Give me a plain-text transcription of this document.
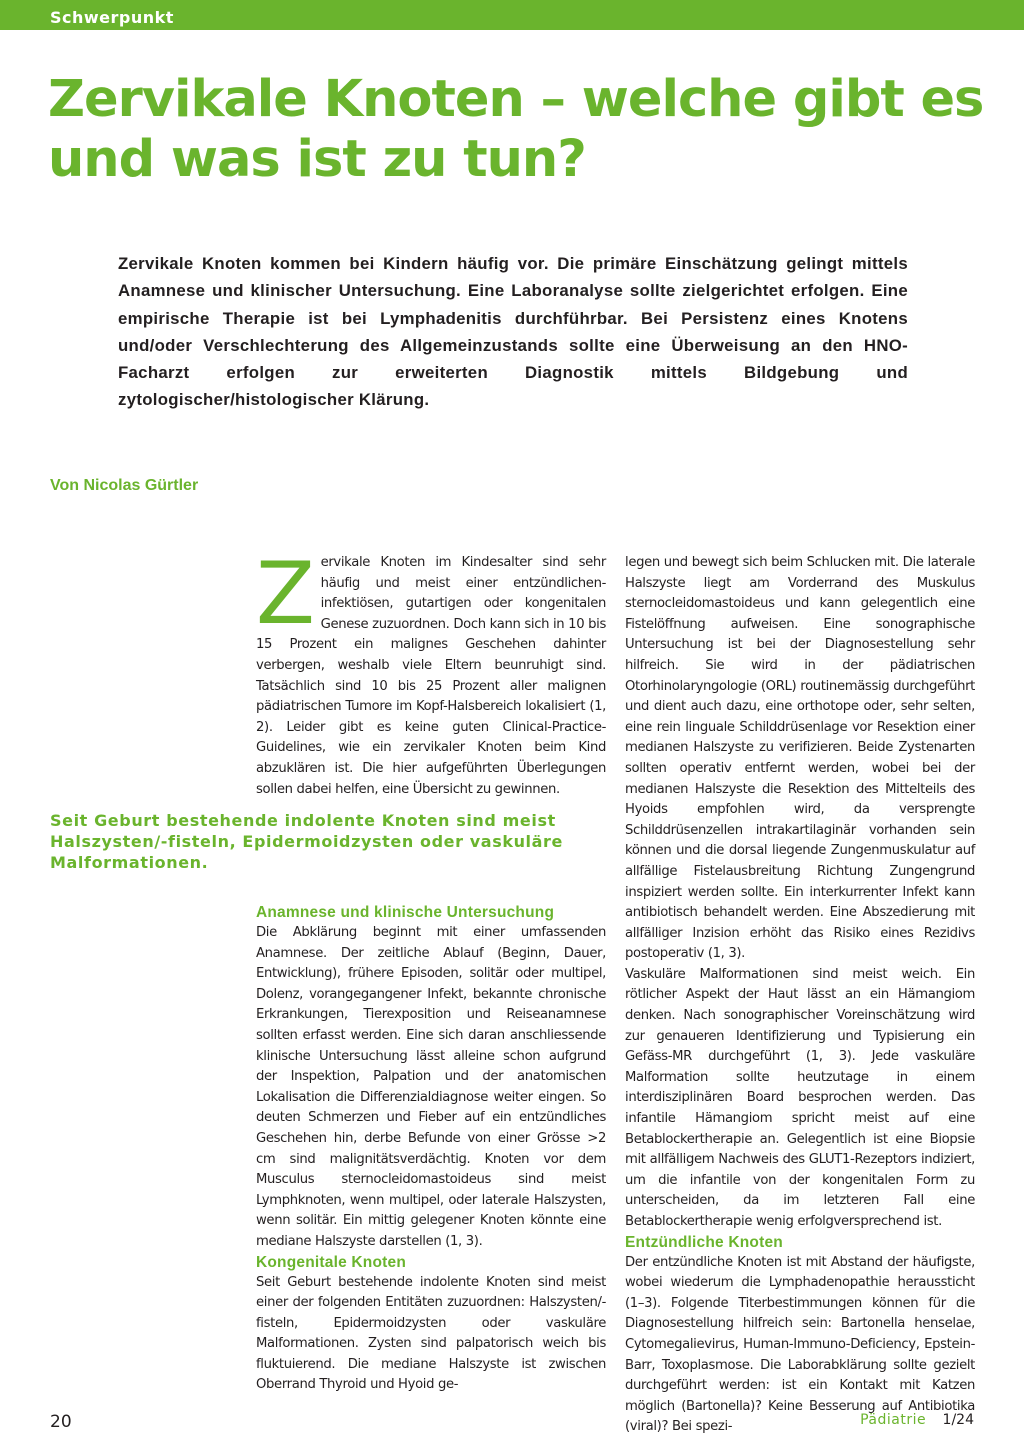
Schwerpunkt
Zervikale Knoten – welche gibt es und was ist zu tun?

Zervikale Knoten kommen bei Kindern häufig vor. Die primäre Einschätzung gelingt mittels Anamnese und klinischer Untersuchung. Eine Laboranalyse sollte zielgerichtet erfolgen. Eine empirische Therapie ist bei Lymphadenitis durchführbar. Bei Persistenz eines Knotens und/oder Verschlechterung des Allgemeinzustands sollte eine Überweisung an den HNO-Facharzt erfolgen zur erweiterten Diagnostik mittels Bildgebung und zytologischer/histologischer Klärung.

Von Nicolas Gürtler

Z ervikale Knoten im Kindesalter sind sehr häufig und meist einer entzündlichen-infektiösen, gutartigen oder kongenitalen Genese zuzuordnen. Doch kann sich in 10 bis 15 Prozent ein malignes Geschehen dahinter verbergen, weshalb viele Eltern beunruhigt sind. Tatsächlich sind 10 bis 25 Prozent aller malignen pädiatrischen Tumore im Kopf-Halsbereich lokalisiert (1, 2). Leider gibt es keine guten Clinical-Practice-Guidelines, wie ein zervikaler Knoten beim Kind abzuklären ist. Die hier aufgeführten Überlegungen sollen dabei helfen, eine Übersicht zu gewinnen.

Seit Geburt bestehende indolente Knoten sind meist Halszysten/-fisteln, Epidermoidzysten oder vaskuläre Malformationen.

Anamnese und klinische Untersuchung

Die Abklärung beginnt mit einer umfassenden Anamnese. Der zeitliche Ablauf (Beginn, Dauer, Entwicklung), frühere Episoden, solitär oder multipel, Dolenz, vorangegangener Infekt, bekannte chronische Erkrankungen, Tierexposition und Reiseanamnese sollten erfasst werden. Eine sich daran anschliessende klinische Untersuchung lässt alleine schon aufgrund der Inspektion, Palpation und der anatomischen Lokalisation die Differenzialdiagnose weiter eingen. So deuten Schmerzen und Fieber auf ein entzündliches Geschehen hin, derbe Befunde von einer Grösse >2 cm sind malignitätsverdächtig. Knoten vor dem Musculus sternocleidomastoideus sind meist Lymphknoten, wenn multipel, oder laterale Halszysten, wenn solitär. Ein mittig gelegener Knoten könnte eine mediane Halszyste darstellen (1, 3).

Kongenitale Knoten

Seit Geburt bestehende indolente Knoten sind meist einer der folgenden Entitäten zuzuordnen: Halszysten/-fisteln, Epidermoidzysten oder vaskuläre Malformationen. Zysten sind palpatorisch weich bis fluktuierend. Die mediane Halszyste ist zwischen Oberrand Thyroid und Hyoid ge-

legen und bewegt sich beim Schlucken mit. Die laterale Halszyste liegt am Vorderrand des Muskulus sternocleidomastoideus und kann gelegentlich eine Fistelöffnung aufweisen. Eine sonographische Untersuchung ist bei der Diagnosestellung sehr hilfreich. Sie wird in der pädiatrischen Otorhinolaryngologie (ORL) routinemässig durchgeführt und dient auch dazu, eine orthotope oder, sehr selten, eine rein linguale Schilddrüsenlage vor Resektion einer medianen Halszyste zu verifizieren. Beide Zystenarten sollten operativ entfernt werden, wobei bei der medianen Halszyste die Resektion des Mittelteils des Hyoids empfohlen wird, da versprengte Schilddrüsenzellen intrakartilaginär vorhanden sein können und die dorsal liegende Zungenmuskulatur auf allfällige Fistelausbreitung Richtung Zungengrund inspiziert werden sollte. Ein interkurrenter Infekt kann antibiotisch behandelt werden. Eine Abszedierung mit allfälliger Inzision erhöht das Risiko eines Rezidivs postoperativ (1, 3).

Vaskuläre Malformationen sind meist weich. Ein rötlicher Aspekt der Haut lässt an ein Hämangiom denken. Nach sonographischer Voreinschätzung wird zur genaueren Identifizierung und Typisierung ein Gefäss-MR durchgeführt (1, 3). Jede vaskuläre Malformation sollte heutzutage in einem interdisziplinären Board besprochen werden. Das infantile Hämangiom spricht meist auf eine Betablockertherapie an. Gelegentlich ist eine Biopsie mit allfälligem Nachweis des GLUT1-Rezeptors indiziert, um die infantile von der kongenitalen Form zu unterscheiden, da im letzteren Fall eine Betablockertherapie wenig erfolgversprechend ist.

Entzündliche Knoten

Der entzündliche Knoten ist mit Abstand der häufigste, wobei wiederum die Lymphadenopathie heraussticht (1–3). Folgende Titerbestimmungen können für die Diagnosestellung hilfreich sein: Bartonella henselae, Cytomegalievirus, Human-Immuno-Deficiency, Epstein-Barr, Toxoplasmose. Die Laborabklärung sollte gezielt durchgeführt werden: ist ein Kontakt mit Katzen möglich (Bartonella)? Keine Besserung auf Antibiotika (viral)? Bei spezi-

20	Pädiatrie 1/24
